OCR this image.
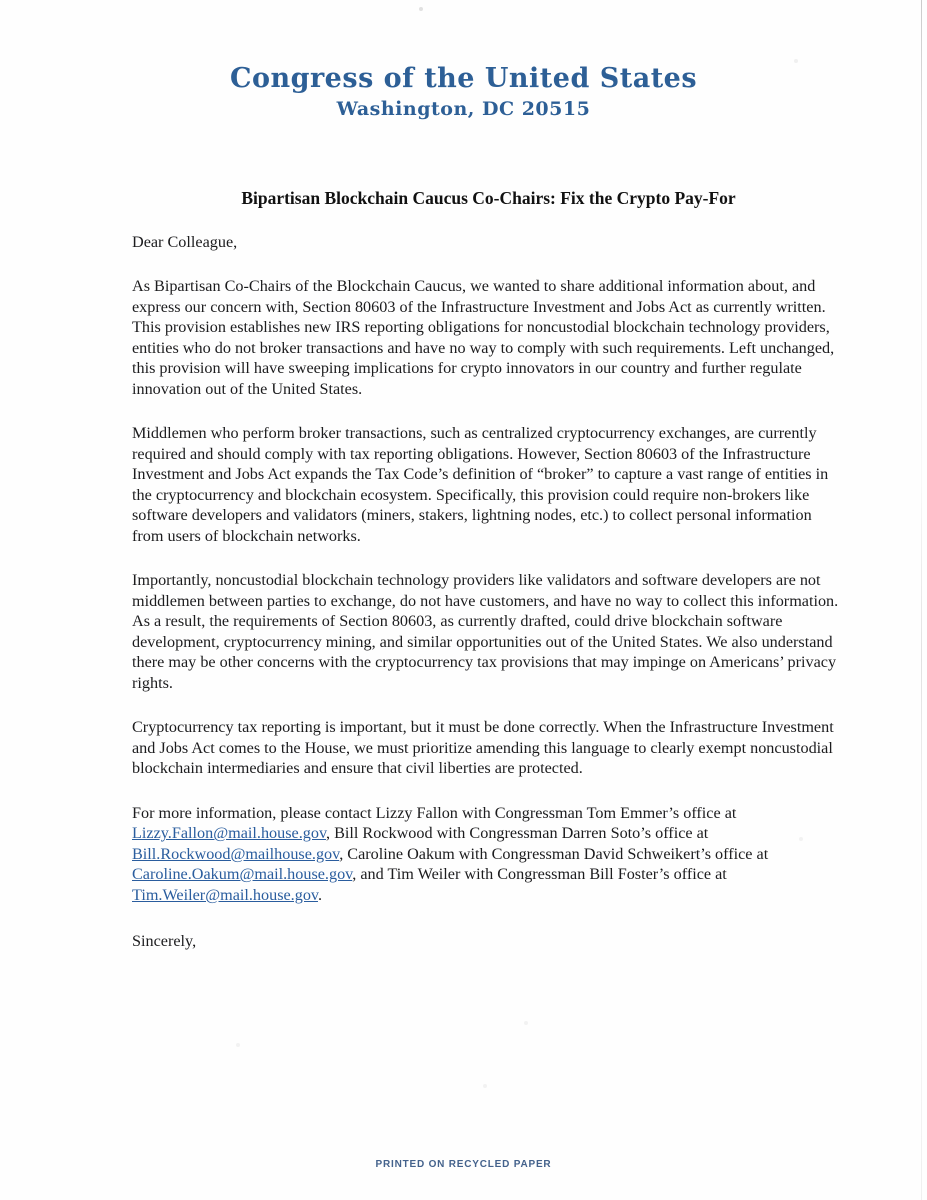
Congress of the United States
Washington, DC 20515
Bipartisan Blockchain Caucus Co-Chairs: Fix the Crypto Pay-For

Dear Colleague,

As Bipartisan Co-Chairs of the Blockchain Caucus, we wanted to share additional information about, and express our concern with, Section 80603 of the Infrastructure Investment and Jobs Act as currently written. This provision establishes new IRS reporting obligations for noncustodial blockchain technology providers, entities who do not broker transactions and have no way to comply with such requirements. Left unchanged, this provision will have sweeping implications for crypto innovators in our country and further regulate innovation out of the United States.

Middlemen who perform broker transactions, such as centralized cryptocurrency exchanges, are currently required and should comply with tax reporting obligations. However, Section 80603 of the Infrastructure Investment and Jobs Act expands the Tax Code’s definition of “broker” to capture a vast range of entities in the cryptocurrency and blockchain ecosystem. Specifically, this provision could require non-brokers like software developers and validators (miners, stakers, lightning nodes, etc.) to collect personal information from users of blockchain networks.

Importantly, noncustodial blockchain technology providers like validators and software developers are not middlemen between parties to exchange, do not have customers, and have no way to collect this information. As a result, the requirements of Section 80603, as currently drafted, could drive blockchain software development, cryptocurrency mining, and similar opportunities out of the United States. We also understand there may be other concerns with the cryptocurrency tax provisions that may impinge on Americans’ privacy rights.

Cryptocurrency tax reporting is important, but it must be done correctly. When the Infrastructure Investment and Jobs Act comes to the House, we must prioritize amending this language to clearly exempt noncustodial blockchain intermediaries and ensure that civil liberties are protected.

For more information, please contact Lizzy Fallon with Congressman Tom Emmer’s office at Lizzy.Fallon@mail.house.gov, Bill Rockwood with Congressman Darren Soto’s office at Bill.Rockwood@mailhouse.gov, Caroline Oakum with Congressman David Schweikert’s office at Caroline.Oakum@mail.house.gov, and Tim Weiler with Congressman Bill Foster’s office at Tim.Weiler@mail.house.gov.

Sincerely,

PRINTED ON RECYCLED PAPER
